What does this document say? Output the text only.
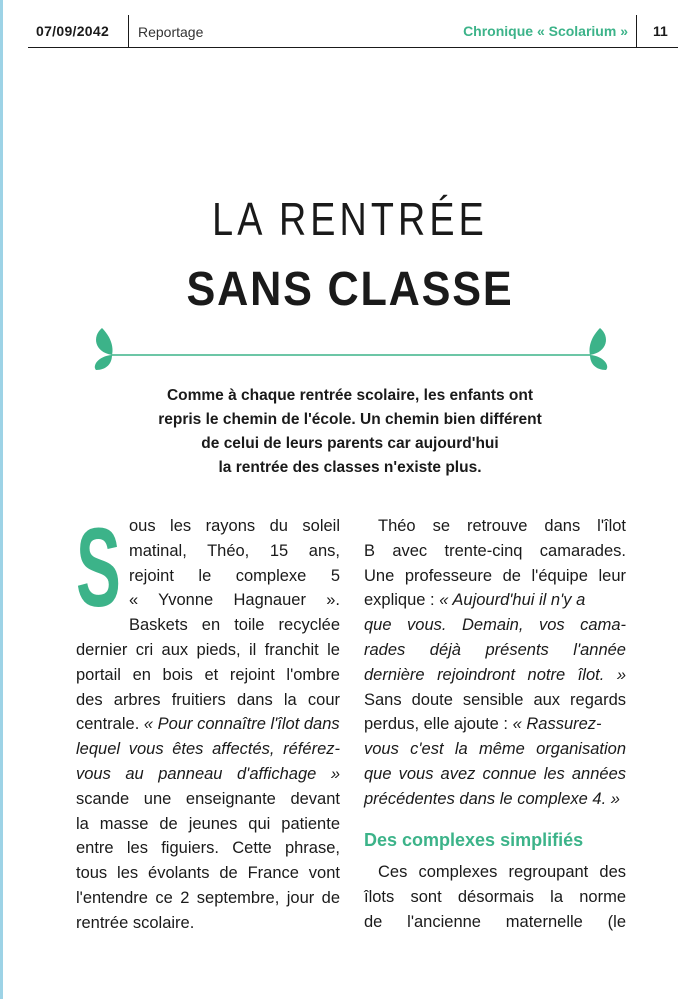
07/09/2042 Reportage	Chronique « Scolarium » 11
LA RENTRÉE
SANS CLASSE
Comme à chaque rentrée scolaire, les enfants ont
repris le chemin de l'école. Un chemin bien différent
de celui de leurs parents car aujourd'hui
la rentrée des classes n'existe plus.
S ous les rayons du soleil
matinal, Théo, 15 ans,
rejoint le complexe 5
« Yvonne Hagnauer ».
Baskets en toile recyclée
dernier cri aux pieds, il franchit le
portail en bois et rejoint l'ombre
des arbres fruitiers dans la cour
centrale. « Pour connaître l'îlot dans
lequel vous êtes affectés, référez-
vous au panneau d'affichage »
scande une enseignante devant
la masse de jeunes qui patiente
entre les figuiers. Cette phrase,
tous les évolants de France vont
l'entendre ce 2 septembre, jour de
rentrée scolaire.
Théo se retrouve dans l'îlot
B avec trente-cinq camarades.
Une professeure de l'équipe leur
explique : « Aujourd'hui il n'y a
que vous. Demain, vos cama-
rades déjà présents l'année
dernière rejoindront notre îlot. »
Sans doute sensible aux regards
perdus, elle ajoute : « Rassurez-
vous c'est la même organisation
que vous avez connue les années
précédentes dans le complexe 4. »
Des complexes simplifiés
Ces complexes regroupant des
îlots sont désormais la norme
de l'ancienne maternelle (le
